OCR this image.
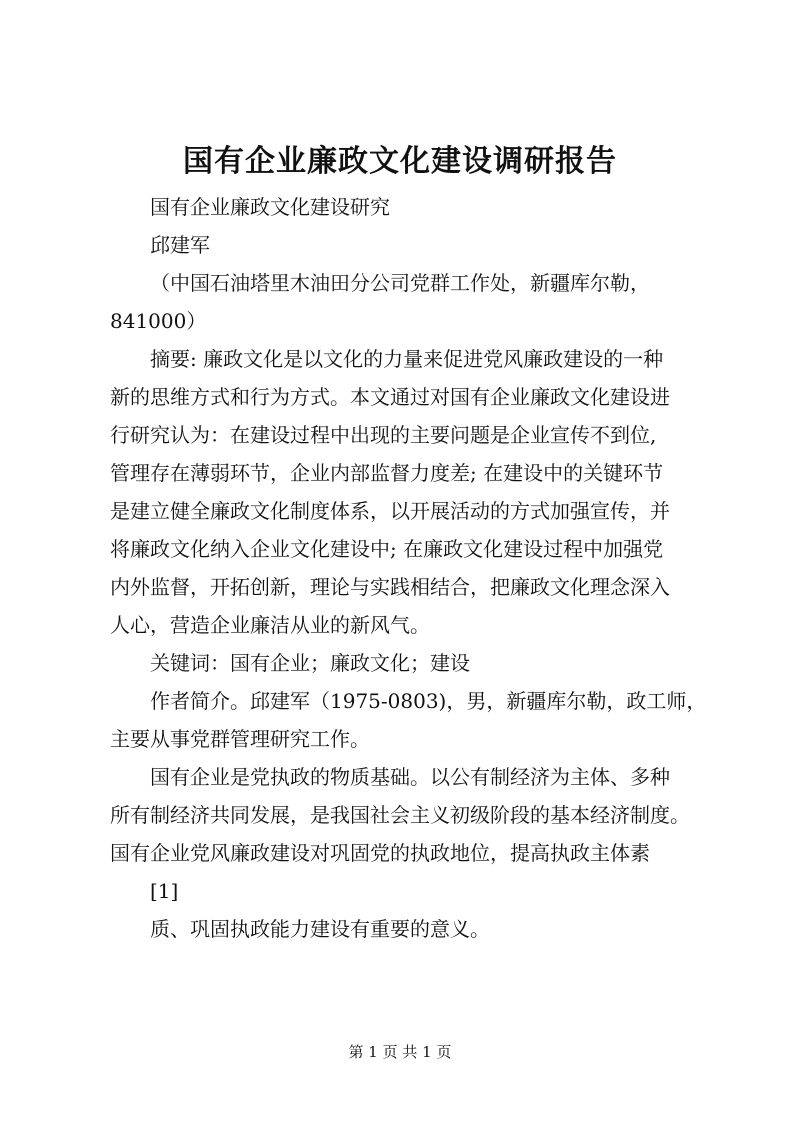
国有企业廉政文化建设调研报告
国有企业廉政文化建设研究
邱建军
（中国石油塔里木油田分公司党群工作处，新疆库尔勒，
841000）
摘要: 廉政文化是以文化的力量来促进党风廉政建设的一种
新的思维方式和行为方式。本文通过对国有企业廉政文化建设进
行研究认为：在建设过程中出现的主要问题是企业宣传不到位,
管理存在薄弱环节，企业内部监督力度差; 在建设中的关键环节
是建立健全廉政文化制度体系，以开展活动的方式加强宣传，并
将廉政文化纳入企业文化建设中; 在廉政文化建设过程中加强党
内外监督，开拓创新，理论与实践相结合，把廉政文化理念深入
人心，营造企业廉洁从业的新风气。
关键词：国有企业；廉政文化；建设
作者简介。邱建军（1975-0803)，男，新疆库尔勒，政工师，
主要从事党群管理研究工作。
国有企业是党执政的物质基础。以公有制经济为主体、多种
所有制经济共同发展，是我国社会主义初级阶段的基本经济制度。
国有企业党风廉政建设对巩固党的执政地位，提高执政主体素
[1]
质、巩固执政能力建设有重要的意义。
第 1 页 共 1 页
